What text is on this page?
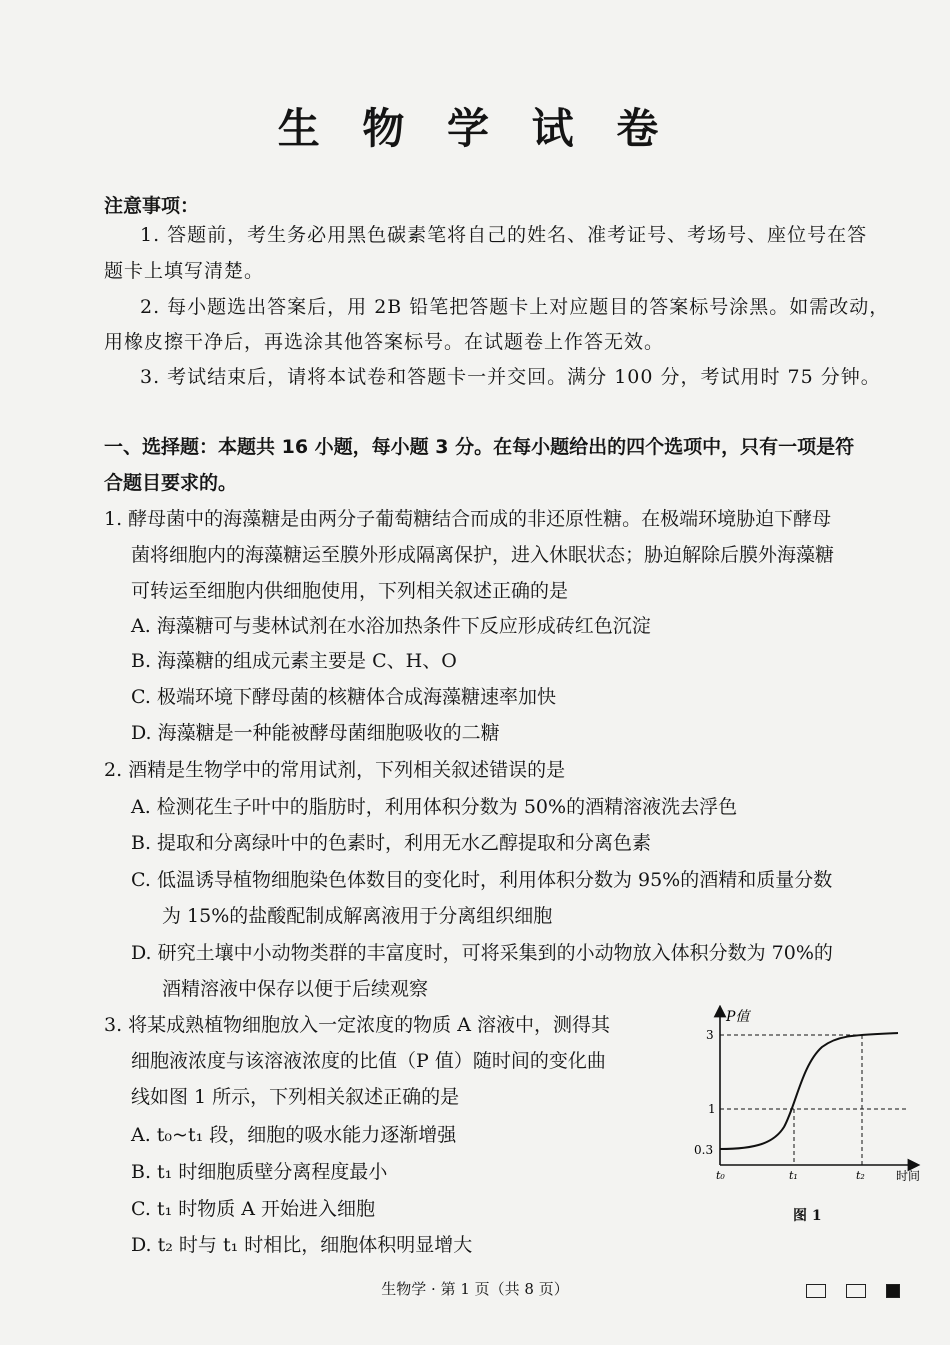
生 物 学 试 卷
注意事项：
1. 答题前，考生务必用黑色碳素笔将自己的姓名、准考证号、考场号、座位号在答
题卡上填写清楚。
2. 每小题选出答案后，用 2B 铅笔把答题卡上对应题目的答案标号涂黑。如需改动，
用橡皮擦干净后，再选涂其他答案标号。在试题卷上作答无效。
3. 考试结束后，请将本试卷和答题卡一并交回。满分 100 分，考试用时 75 分钟。
一、选择题：本题共 16 小题，每小题 3 分。在每小题给出的四个选项中，只有一项是符
合题目要求的。
1. 酵母菌中的海藻糖是由两分子葡萄糖结合而成的非还原性糖。在极端环境胁迫下酵母
菌将细胞内的海藻糖运至膜外形成隔离保护，进入休眠状态；胁迫解除后膜外海藻糖
可转运至细胞内供细胞使用，下列相关叙述正确的是
A. 海藻糖可与斐林试剂在水浴加热条件下反应形成砖红色沉淀
B. 海藻糖的组成元素主要是 C、H、O
C. 极端环境下酵母菌的核糖体合成海藻糖速率加快
D. 海藻糖是一种能被酵母菌细胞吸收的二糖
2. 酒精是生物学中的常用试剂，下列相关叙述错误的是
A. 检测花生子叶中的脂肪时，利用体积分数为 50%的酒精溶液洗去浮色
B. 提取和分离绿叶中的色素时，利用无水乙醇提取和分离色素
C. 低温诱导植物细胞染色体数目的变化时，利用体积分数为 95%的酒精和质量分数
为 15%的盐酸配制成解离液用于分离组织细胞
D. 研究土壤中小动物类群的丰富度时，可将采集到的小动物放入体积分数为 70%的
酒精溶液中保存以便于后续观察
3. 将某成熟植物细胞放入一定浓度的物质 A 溶液中，测得其
细胞液浓度与该溶液浓度的比值（P 值）随时间的变化曲
线如图 1 所示，下列相关叙述正确的是
A. t₀~t₁ 段，细胞的吸水能力逐渐增强
B. t₁ 时细胞质壁分离程度最小
C. t₁ 时物质 A 开始进入细胞
D. t₂ 时与 t₁ 时相比，细胞体积明显增大
P值
时间
3
1
0.3
t₀	t₁	t₂
图 1
生物学 · 第 1 页（共 8 页）
